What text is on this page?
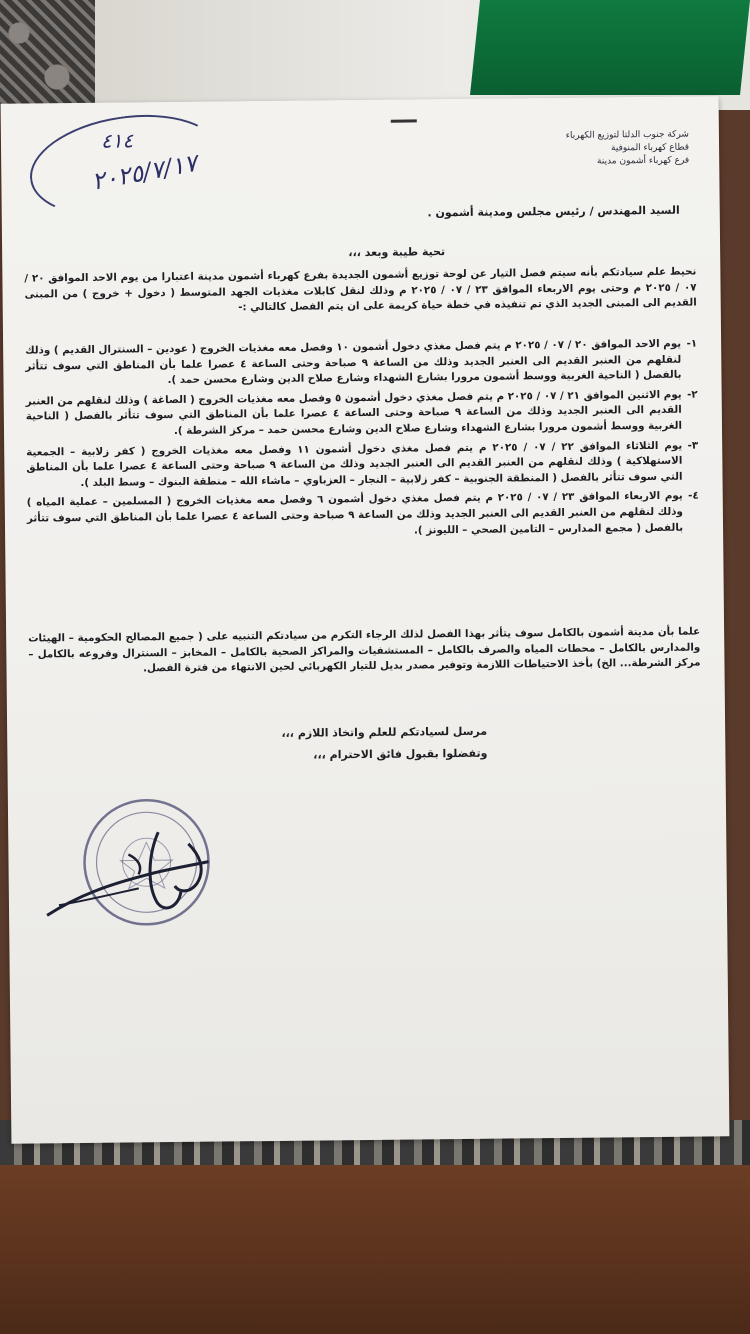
٤١٤
٢٠٢٥/٧/١٧
شركة جنوب الدلتا لتوزيع الكهرباء
قطاع كهرباء المنوفية
فرع كهرباء أشمون مدينة
السيد المهندس / رئيس مجلس ومدينة أشمون .
تحية طيبة وبعد ،،،

نحيط علم سيادتكم بأنه سيتم فصل التيار عن لوحة توزيع أشمون الجديدة بفرع كهرباء أشمون مدينة اعتبارا من يوم الاحد الموافق ٢٠ / ٠٧ / ٢٠٢٥ م وحتى يوم الاربعاء الموافق ٢٣ / ٠٧ / ٢٠٢٥ م وذلك لنقل كابلات مغذيات الجهد المتوسط ( دخول + خروج ) من المبنى القديم الى المبنى الجديد الذي تم تنفيذه في خطة حياة كريمة على ان يتم الفصل كالتالي :-

١-
يوم الاحد الموافق ٢٠ / ٠٧ / ٢٠٢٥ م يتم فصل مغذي دخول أشمون ١٠ وفصل معه مغذيات الخروج ( عودين – السنترال القديم ) وذلك لنقلهم من العنبر القديم الى العنبر الجديد وذلك من الساعة ٩ صباحة وحتى الساعة ٤ عصرا علما بأن المناطق التي سوف تتأثر بالفصل ( الناحية الغربية ووسط أشمون مرورا بشارع الشهداء وشارع صلاح الدين وشارع محسن حمد ).
٢-
يوم الاثنين الموافق ٢١ / ٠٧ / ٢٠٢٥ م يتم فصل مغذي دخول أشمون ٥ وفصل معه مغذيات الخروج ( الصاغة ) وذلك لنقلهم من العنبر القديم الى العنبر الجديد وذلك من الساعة ٩ صباحة وحتى الساعة ٤ عصرا علما بأن المناطق التي سوف تتأثر بالفصل ( الناحية الغربية ووسط أشمون مرورا بشارع الشهداء وشارع صلاح الدين وشارع محسن حمد – مركز الشرطة ).
٣-
يوم الثلاثاء الموافق ٢٢ / ٠٧ / ٢٠٢٥ م يتم فصل مغذي دخول أشمون ١١ وفصل معه مغذيات الخروج ( كفر زلابية – الجمعية الاستهلاكية ) وذلك لنقلهم من العنبر القديم الى العنبر الجديد وذلك من الساعة ٩ صباحة وحتى الساعة ٤ عصرا علما بأن المناطق التي سوف تتأثر بالفصل ( المنطقة الجنوبية – كفر زلابية – النجار – العزباوي – ماشاء الله – منطقة البنوك – وسط البلد ).
٤-
يوم الاربعاء الموافق ٢٣ / ٠٧ / ٢٠٢٥ م يتم فصل مغذي دخول أشمون ٦ وفصل معه مغذيات الخروج ( المسلمين – عملية المياه ) وذلك لنقلهم من العنبر القديم الى العنبر الجديد وذلك من الساعة ٩ صباحة وحتى الساعة ٤ عصرا علما بأن المناطق التي سوف تتأثر بالفصل ( مجمع المدارس – التامين الصحي – الليونز ).
علما بأن مدينة أشمون بالكامل سوف يتأثر بهذا الفصل لذلك الرجاء التكرم من سيادتكم التنبيه على ( جميع المصالح الحكومية – الهيئات والمدارس بالكامل – محطات المياه والصرف بالكامل – المستشفيات والمراكز الصحية بالكامل – المخابز – السنترال وفروعه بالكامل – مركز الشرطة... الخ) بأخذ الاحتياطات اللازمة وتوفير مصدر بديل للتيار الكهربائي لحين الانتهاء من فترة الفصل.
مرسل لسيادتكم للعلم واتخاذ اللازم ،،،
وتفضلوا بقبول فائق الاحترام ،،،
